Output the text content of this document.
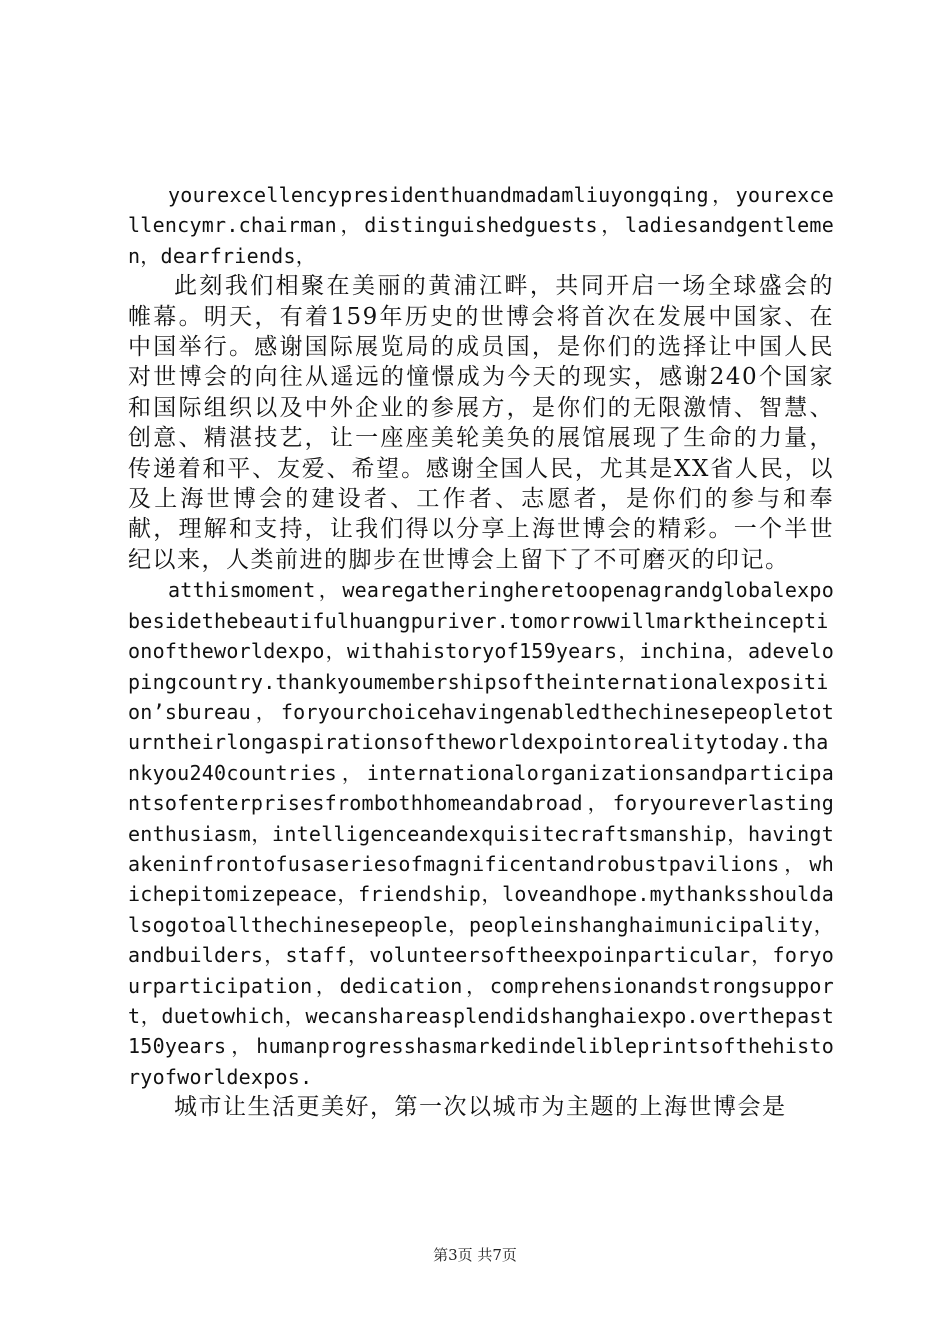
yourexcellencypresidenthuandmadamliuyongqing，yourexcellencymr.chairman，distinguishedguests，ladiesandgentlemen，dearfriends，

此刻我们相聚在美丽的黄浦江畔，共同开启一场全球盛会的帷幕。明天，有着159年历史的世博会将首次在发展中国家、在中国举行。感谢国际展览局的成员国，是你们的选择让中国人民对世博会的向往从遥远的憧憬成为今天的现实，感谢240个国家和国际组织以及中外企业的参展方，是你们的无限激情、智慧、创意、精湛技艺，让一座座美轮美奂的展馆展现了生命的力量，传递着和平、友爱、希望。感谢全国人民，尤其是XX省人民，以及上海世博会的建设者、工作者、志愿者，是你们的参与和奉献，理解和支持，让我们得以分享上海世博会的精彩。一个半世纪以来，人类前进的脚步在世博会上留下了不可磨灭的印记。

atthismoment，wearegatheringheretoopenagrandglobalexpobesidethebeautifulhuangpuriver.tomorrowwillmarktheinceptionoftheworldexpo，withahistoryof159years，inchina，adevelopingcountry.thankyoumembershipsoftheinternationalexposition’sbureau，foryourchoicehavingenabledthechinesepeopletoturntheirlongaspirationsoftheworldexpointorealitytoday.thankyou240countries，internationalorganizationsandparticipantsofenterprisesfrombothhomeandabroad，foryoureverlastingenthusiasm，intelligenceandexquisitecraftsmanship，havingtakeninfrontofusaseriesofmagnificentandrobustpavilions，whichepitomizepeace，friendship，loveandhope.mythanksshouldalsogotoallthechinesepeople，peopleinshanghaimunicipality，andbuilders，staff，volunteersoftheexpoinparticular，foryourparticipation，dedication，comprehensionandstrongsupport，duetowhich，wecanshareasplendidshanghaiexpo.overthepast150years，humanprogresshasmarkedindelibleprintsofthehistoryofworldexpos.

城市让生活更美好，第一次以城市为主题的上海世博会是

第3页 共7页
